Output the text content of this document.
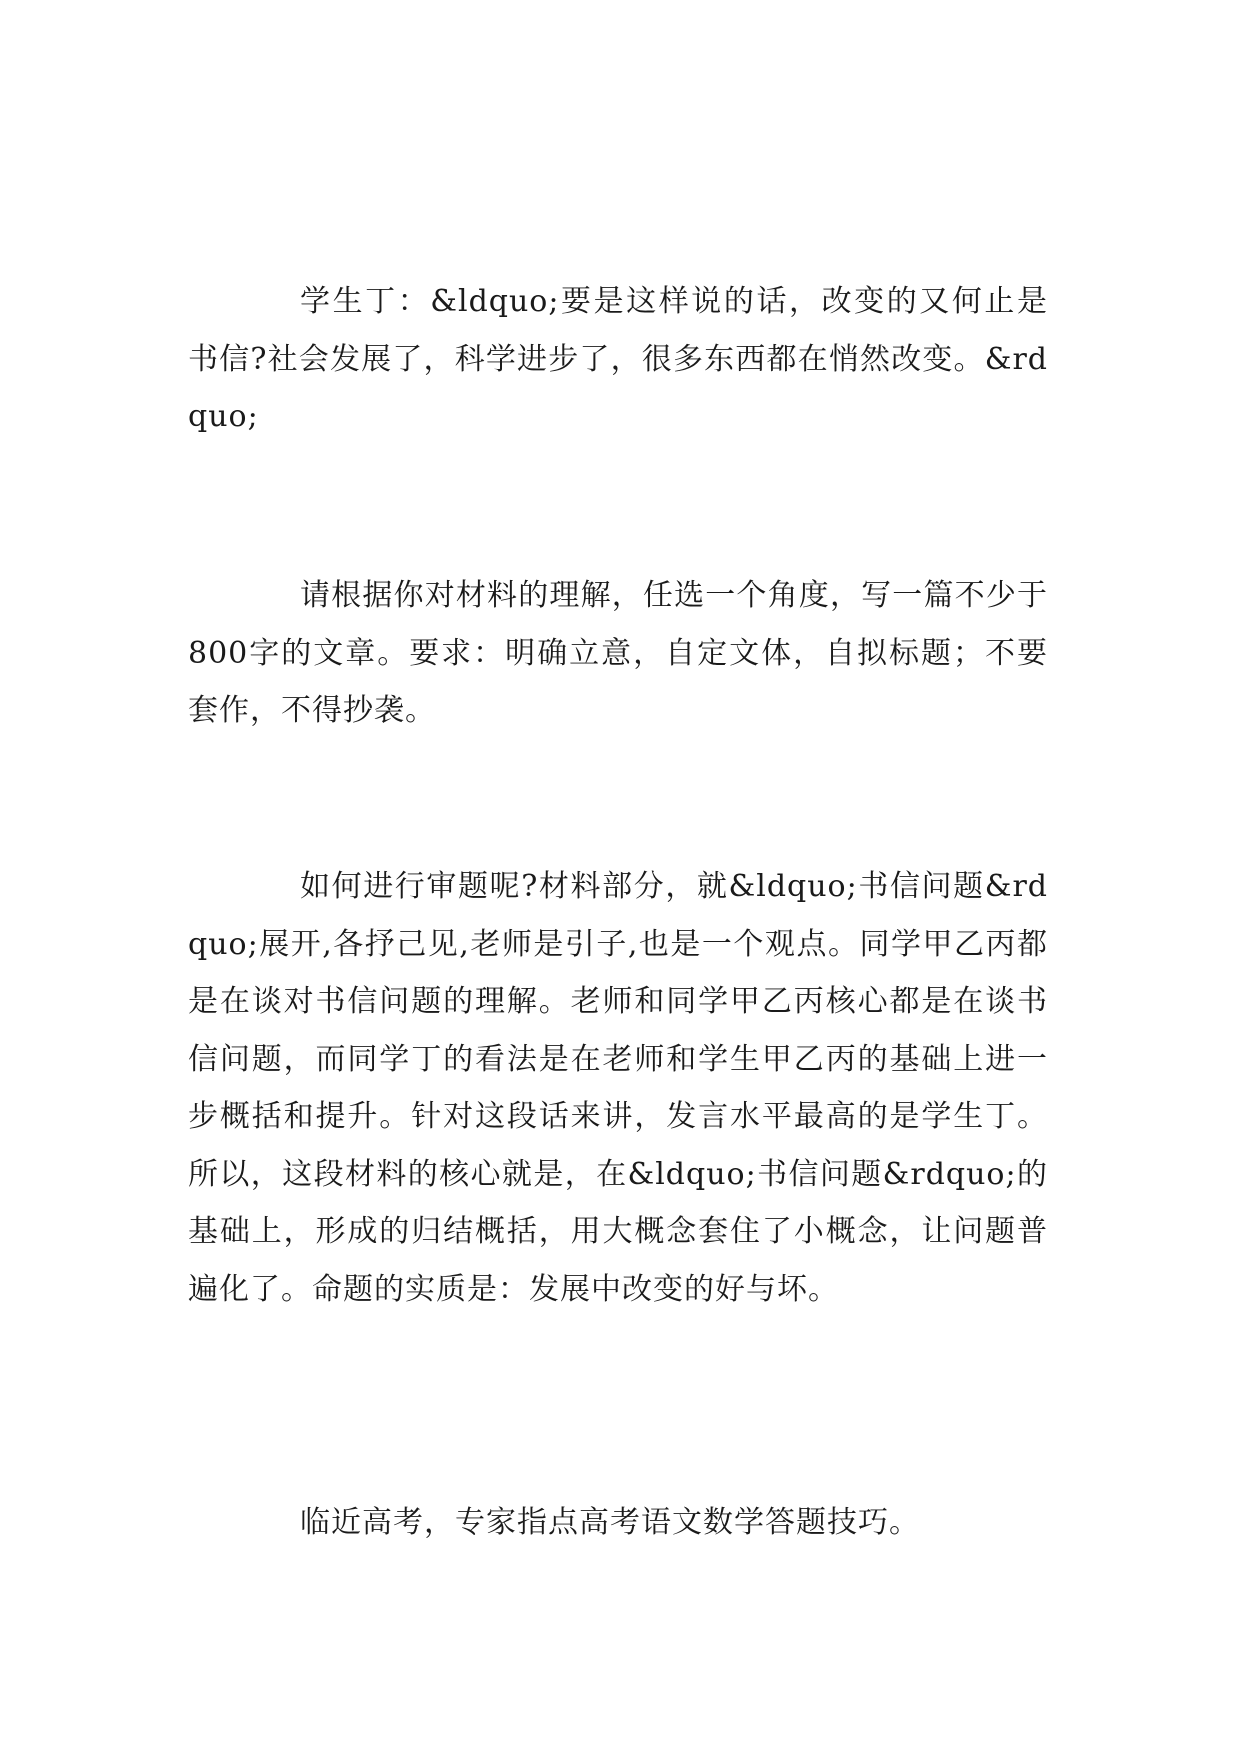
学生丁：&ldquo;要是这样说的话，改变的又何止是书信?社会发展了，科学进步了，很多东西都在悄然改变。&rdquo;

请根据你对材料的理解，任选一个角度，写一篇不少于800字的文章。要求：明确立意，自定文体，自拟标题；不要套作，不得抄袭。

如何进行审题呢?材料部分，就&ldquo;书信问题&rdquo;展开,各抒己见,老师是引子,也是一个观点。同学甲乙丙都是在谈对书信问题的理解。老师和同学甲乙丙核心都是在谈书信问题，而同学丁的看法是在老师和学生甲乙丙的基础上进一步概括和提升。针对这段话来讲，发言水平最高的是学生丁。所以，这段材料的核心就是，在&ldquo;书信问题&rdquo;的基础上，形成的归结概括，用大概念套住了小概念，让问题普遍化了。命题的实质是：发展中改变的好与坏。

临近高考，专家指点高考语文数学答题技巧。
